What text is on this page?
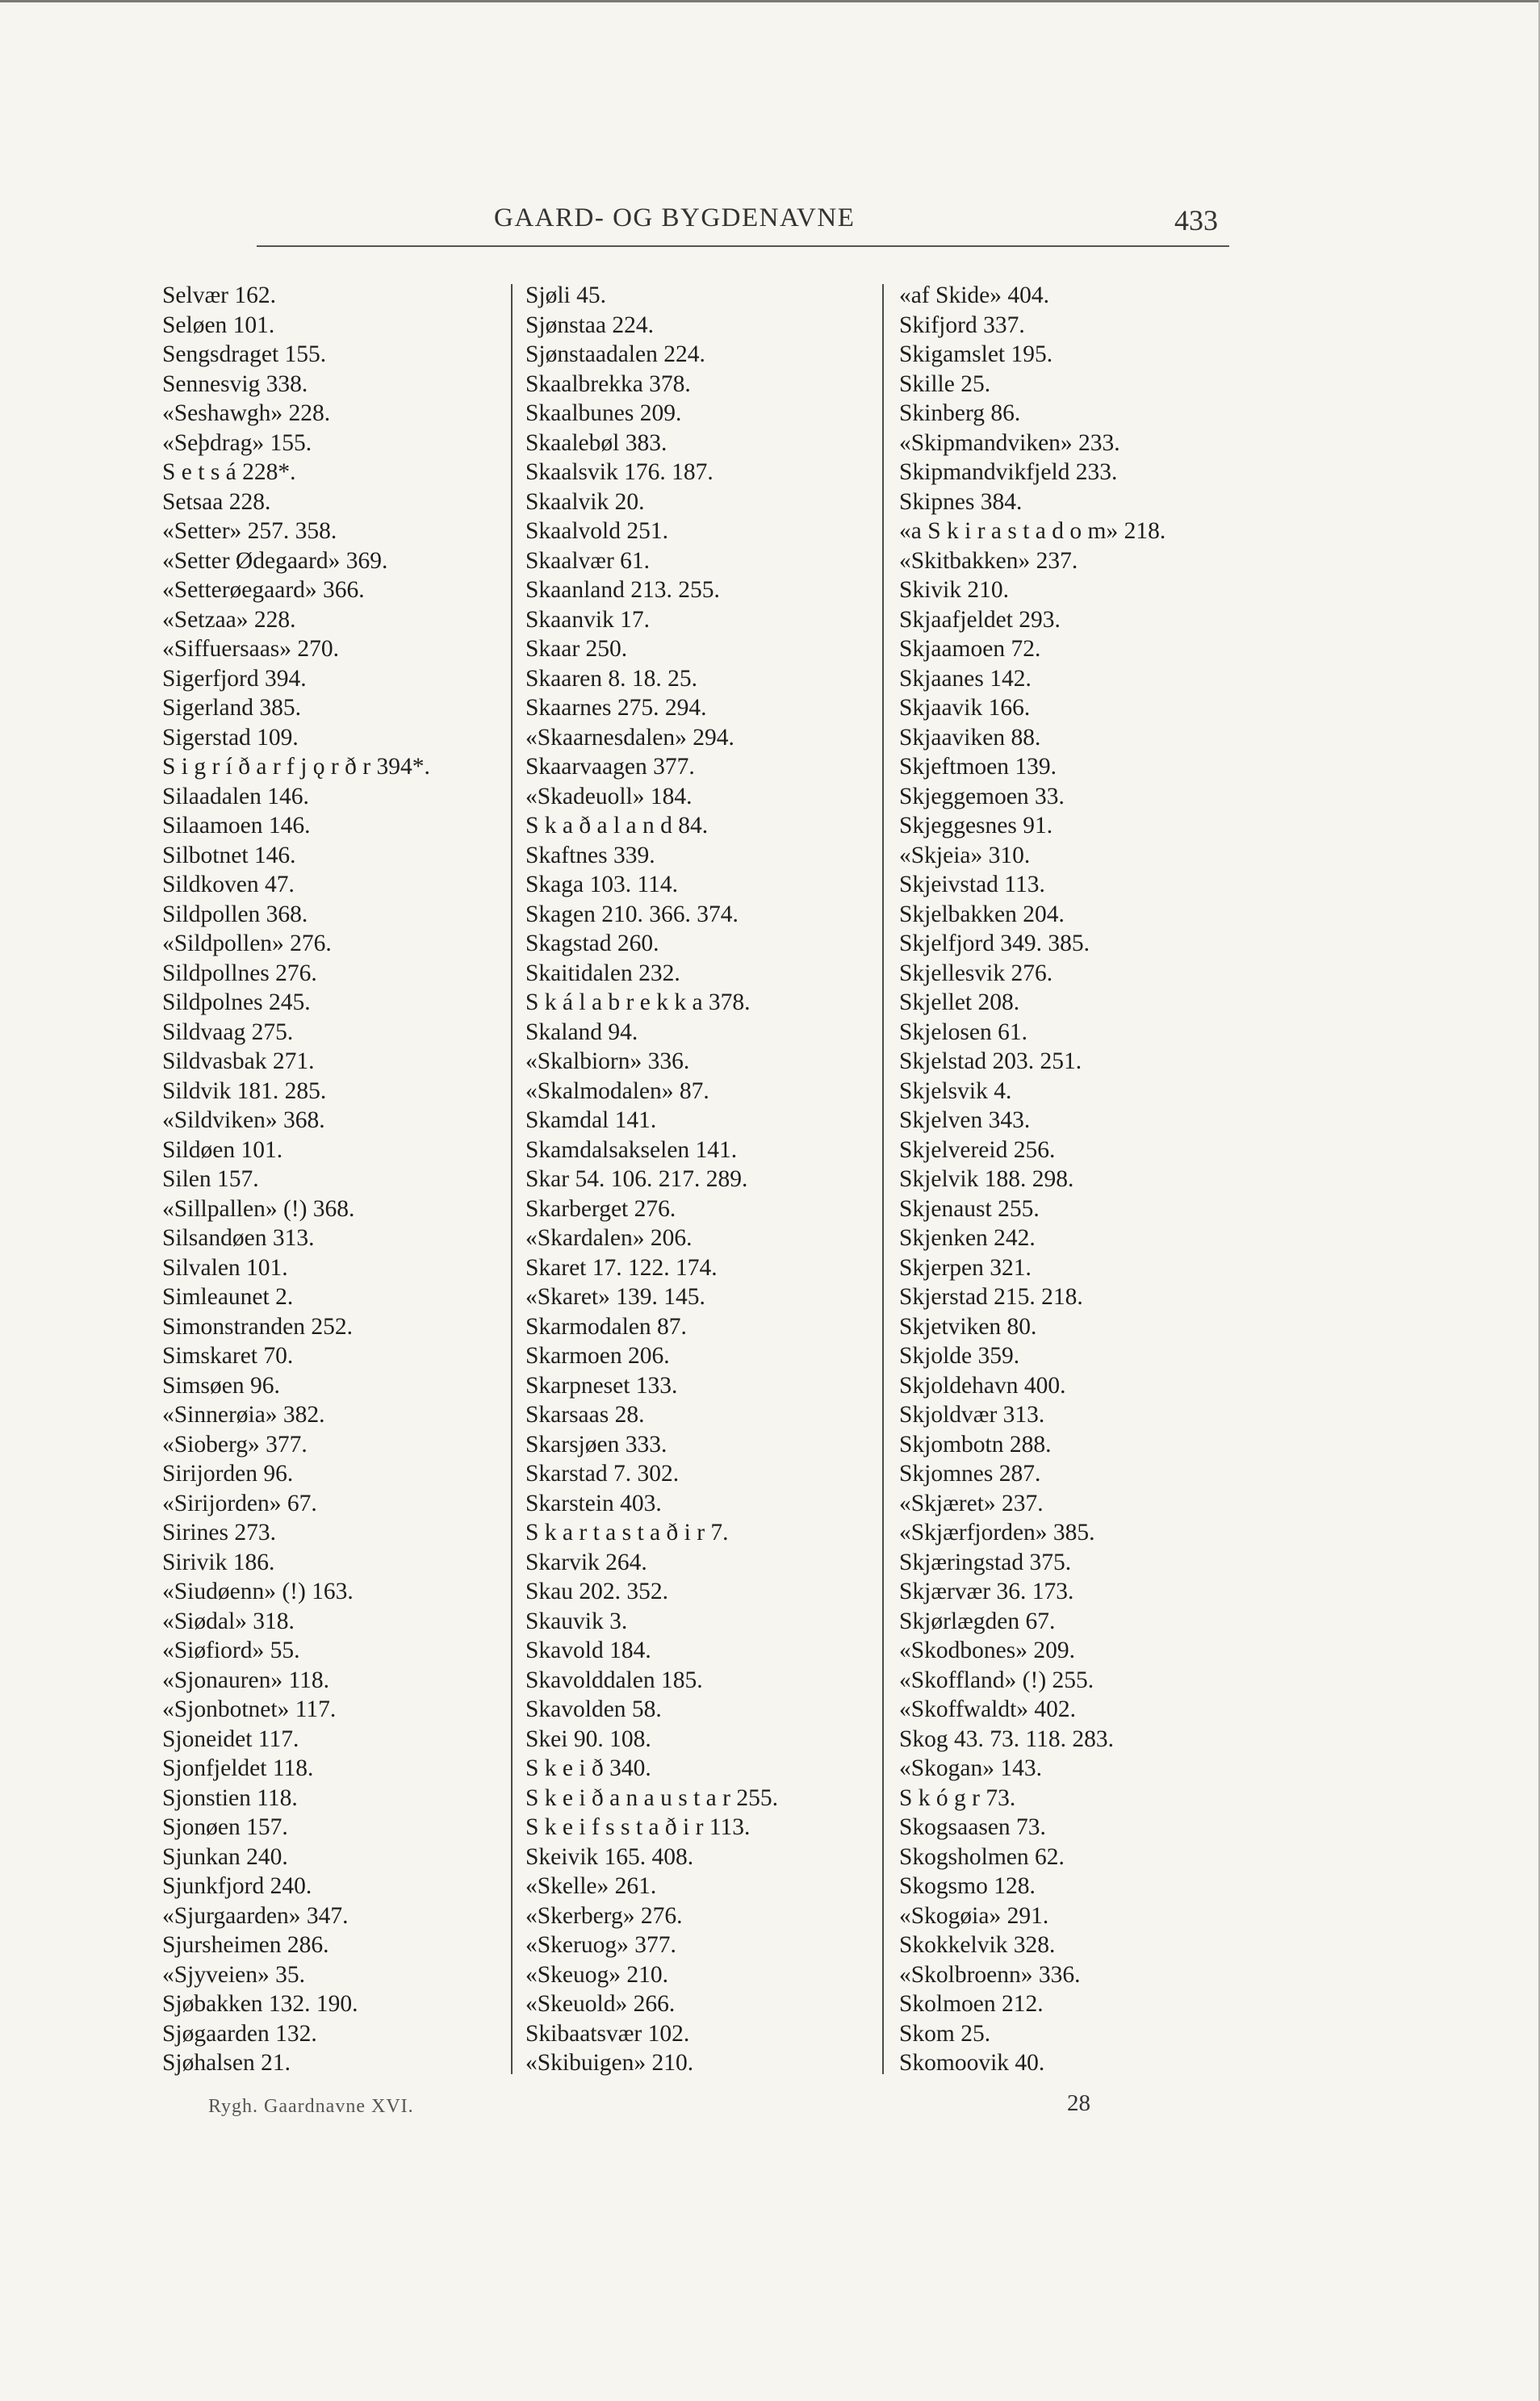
GAARD- OG BYGDENAVNE	433
Selvær 162.
Seløen 101.
Sengsdraget 155.
Sennesvig 338.
«Seshawgh» 228.
«Seþdrag» 155.
S e t s á 228*.
Setsaa 228.
«Setter» 257. 358.
«Setter Ødegaard» 369.
«Setterøegaard» 366.
«Setzaa» 228.
«Siffuersaas» 270.
Sigerfjord 394.
Sigerland 385.
Sigerstad 109.
S i g r í ð a r f j ǫ r ð r 394*.
Silaadalen 146.
Silaamoen 146.
Silbotnet 146.
Sildkoven 47.
Sildpollen 368.
«Sildpollen» 276.
Sildpollnes 276.
Sildpolnes 245.
Sildvaag 275.
Sildvasbak 271.
Sildvik 181. 285.
«Sildviken» 368.
Sildøen 101.
Silen 157.
«Sillpallen» (!) 368.
Silsandøen 313.
Silvalen 101.
Simleaunet 2.
Simonstranden 252.
Simskaret 70.
Simsøen 96.
«Sinnerøia» 382.
«Sioberg» 377.
Sirijorden 96.
«Sirijorden» 67.
Sirines 273.
Sirivik 186.
«Siudøenn» (!) 163.
«Siødal» 318.
«Siøfiord» 55.
«Sjonauren» 118.
«Sjonbotnet» 117.
Sjoneidet 117.
Sjonfjeldet 118.
Sjonstien 118.
Sjonøen 157.
Sjunkan 240.
Sjunkfjord 240.
«Sjurgaarden» 347.
Sjursheimen 286.
«Sjyveien» 35.
Sjøbakken 132. 190.
Sjøgaarden 132.
Sjøhalsen 21.
Sjøli 45.
Sjønstaa 224.
Sjønstaadalen 224.
Skaalbrekka 378.
Skaalbunes 209.
Skaalebøl 383.
Skaalsvik 176. 187.
Skaalvik 20.
Skaalvold 251.
Skaalvær 61.
Skaanland 213. 255.
Skaanvik 17.
Skaar 250.
Skaaren 8. 18. 25.
Skaarnes 275. 294.
«Skaarnesdalen» 294.
Skaarvaagen 377.
«Skadeuoll» 184.
S k a ð a l a n d 84.
Skaftnes 339.
Skaga 103. 114.
Skagen 210. 366. 374.
Skagstad 260.
Skaitidalen 232.
S k á l a b r e k k a 378.
Skaland 94.
«Skalbiorn» 336.
«Skalmodalen» 87.
Skamdal 141.
Skamdalsakselen 141.
Skar 54. 106. 217. 289.
Skarberget 276.
«Skardalen» 206.
Skaret 17. 122. 174.
«Skaret» 139. 145.
Skarmodalen 87.
Skarmoen 206.
Skarpneset 133.
Skarsaas 28.
Skarsjøen 333.
Skarstad 7. 302.
Skarstein 403.
S k a r t a s t a ð i r 7.
Skarvik 264.
Skau 202. 352.
Skauvik 3.
Skavold 184.
Skavolddalen 185.
Skavolden 58.
Skei 90. 108.
S k e i ð 340.
S k e i ð a n a u s t a r 255.
S k e i f s s t a ð i r 113.
Skeivik 165. 408.
«Skelle» 261.
«Skerberg» 276.
«Skeruog» 377.
«Skeuog» 210.
«Skeuold» 266.
Skibaatsvær 102.
«Skibuigen» 210.
«af Skide» 404.
Skifjord 337.
Skigamslet 195.
Skille 25.
Skinberg 86.
«Skipmandviken» 233.
Skipmandvikfjeld 233.
Skipnes 384.
«a S k i r a s t a d o m» 218.
«Skitbakken» 237.
Skivik 210.
Skjaafjeldet 293.
Skjaamoen 72.
Skjaanes 142.
Skjaavik 166.
Skjaaviken 88.
Skjeftmoen 139.
Skjeggemoen 33.
Skjeggesnes 91.
«Skjeia» 310.
Skjeivstad 113.
Skjelbakken 204.
Skjelfjord 349. 385.
Skjellesvik 276.
Skjellet 208.
Skjelosen 61.
Skjelstad 203. 251.
Skjelsvik 4.
Skjelven 343.
Skjelvereid 256.
Skjelvik 188. 298.
Skjenaust 255.
Skjenken 242.
Skjerpen 321.
Skjerstad 215. 218.
Skjetviken 80.
Skjolde 359.
Skjoldehavn 400.
Skjoldvær 313.
Skjombotn 288.
Skjomnes 287.
«Skjæret» 237.
«Skjærfjorden» 385.
Skjæringstad 375.
Skjærvær 36. 173.
Skjørlægden 67.
«Skodbones» 209.
«Skoffland» (!) 255.
«Skoffwaldt» 402.
Skog 43. 73. 118. 283.
«Skogan» 143.
S k ó g r 73.
Skogsaasen 73.
Skogsholmen 62.
Skogsmo 128.
«Skogøia» 291.
Skokkelvik 328.
«Skolbroenn» 336.
Skolmoen 212.
Skom 25.
Skomoovik 40.
Rygh. Gaardnavne XVI.	28
